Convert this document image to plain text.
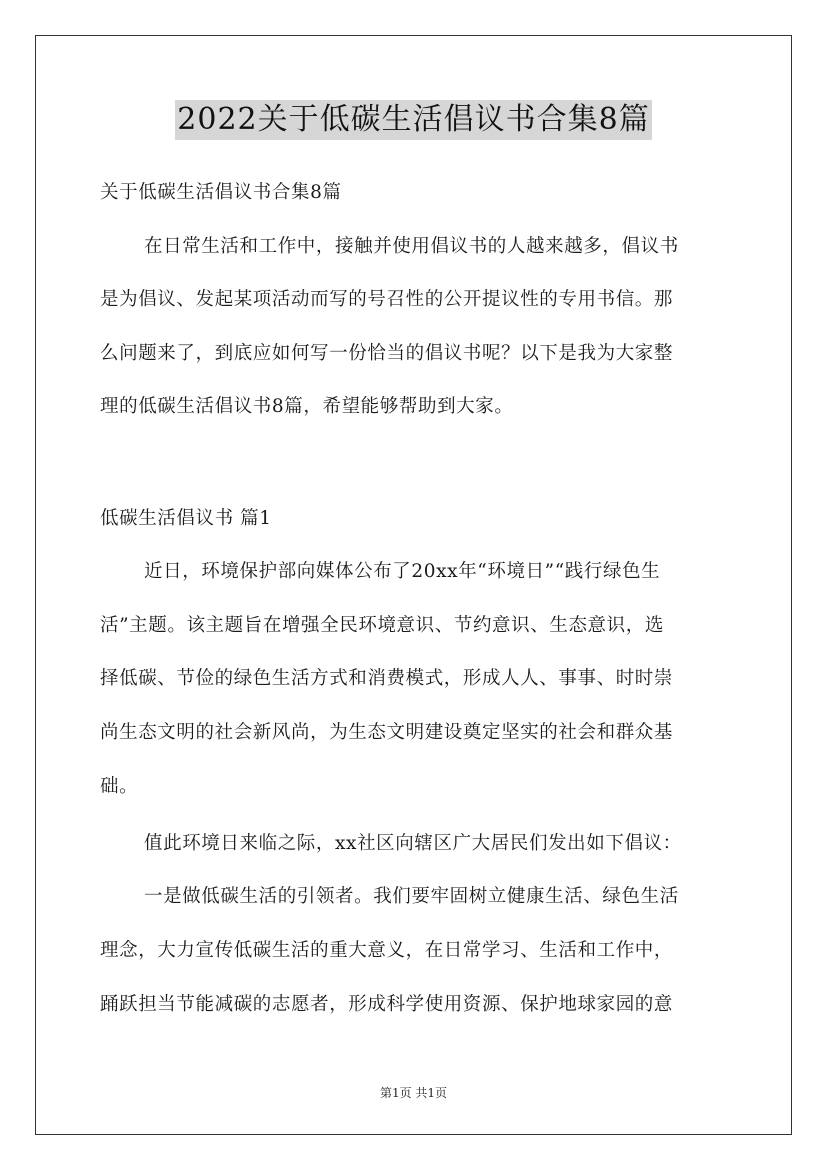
2022关于低碳生活倡议书合集8篇
关于低碳生活倡议书合集8篇
在日常生活和工作中，接触并使用倡议书的人越来越多，倡议书
是为倡议、发起某项活动而写的号召性的公开提议性的专用书信。那
么问题来了，到底应如何写一份恰当的倡议书呢？以下是我为大家整
理的低碳生活倡议书8篇，希望能够帮助到大家。
低碳生活倡议书 篇1
近日，环境保护部向媒体公布了20xx年“环境日”“践行绿色生
活”主题。该主题旨在增强全民环境意识、节约意识、生态意识，选
择低碳、节俭的绿色生活方式和消费模式，形成人人、事事、时时崇
尚生态文明的社会新风尚，为生态文明建设奠定坚实的社会和群众基
础。
值此环境日来临之际，xx社区向辖区广大居民们发出如下倡议：
一是做低碳生活的引领者。我们要牢固树立健康生活、绿色生活
理念，大力宣传低碳生活的重大意义，在日常学习、生活和工作中，
踊跃担当节能减碳的志愿者，形成科学使用资源、保护地球家园的意
第1页 共1页
